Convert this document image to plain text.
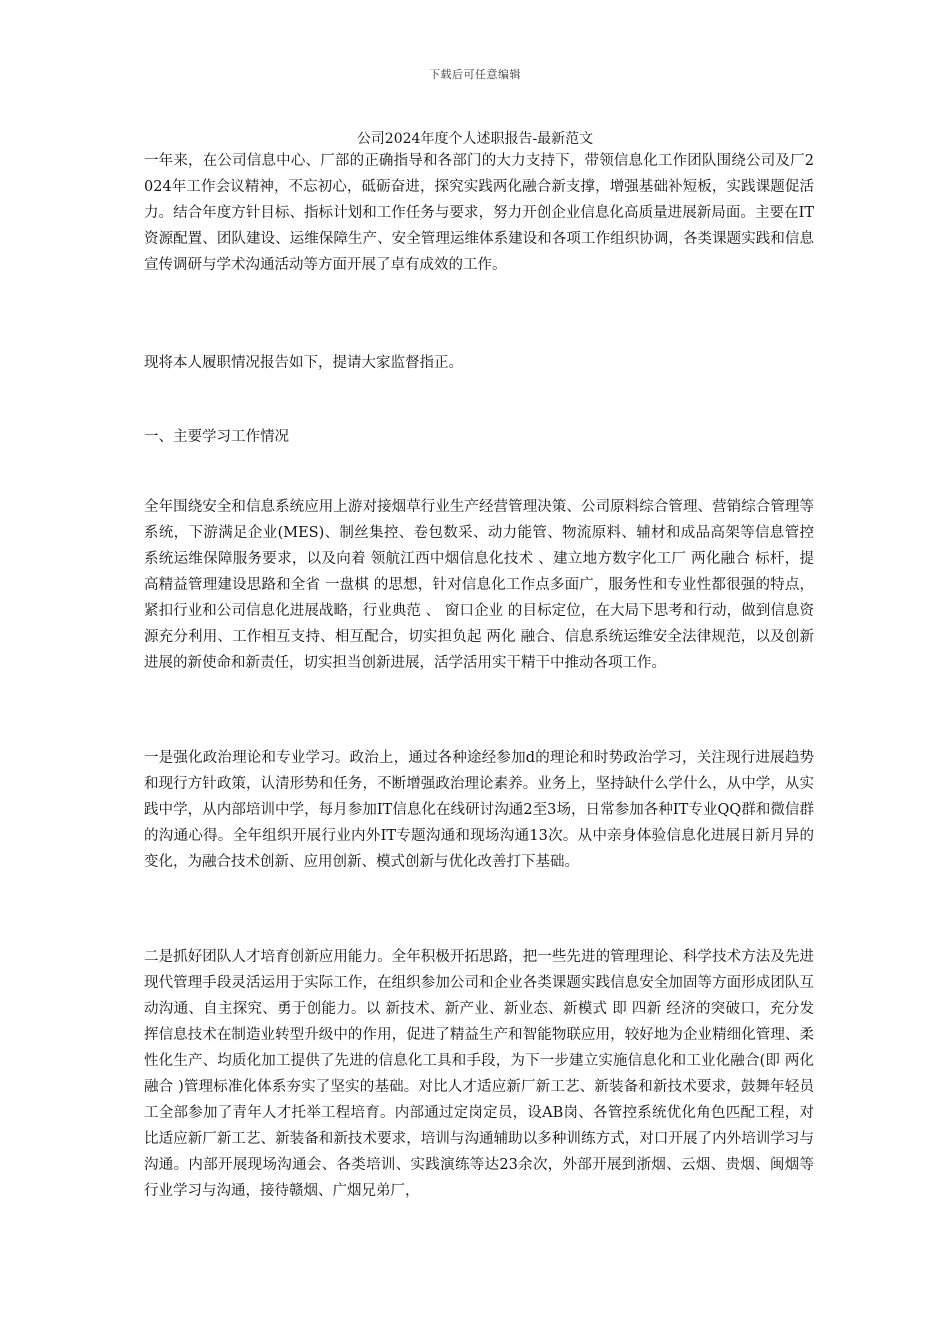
下载后可任意编辑
公司2024年度个人述职报告-最新范文

一年来，在公司信息中心、厂部的正确指导和各部门的大力支持下，带领信息化工作团队围绕公司及厂2024年工作会议精神，不忘初心，砥砺奋进，探究实践两化融合新支撑，增强基础补短板，实践课题促活力。结合年度方针目标、指标计划和工作任务与要求，努力开创企业信息化高质量进展新局面。主要在IT资源配置、团队建设、运维保障生产、安全管理运维体系建设和各项工作组织协调，各类课题实践和信息宣传调研与学术沟通活动等方面开展了卓有成效的工作。

现将本人履职情况报告如下，提请大家监督指正。

一、主要学习工作情况

全年围绕安全和信息系统应用上游对接烟草行业生产经营管理决策、公司原料综合管理、营销综合管理等系统，下游满足企业(MES)、制丝集控、卷包数采、动力能管、物流原料、辅材和成品高架等信息管控系统运维保障服务要求，以及向着 领航江西中烟信息化技术 、建立地方数字化工厂 两化融合 标杆，提高精益管理建设思路和全省 一盘棋 的思想，针对信息化工作点多面广，服务性和专业性都很强的特点，紧扣行业和公司信息化进展战略，行业典范 、 窗口企业 的目标定位，在大局下思考和行动，做到信息资源充分利用、工作相互支持、相互配合，切实担负起 两化 融合、信息系统运维安全法律规范，以及创新进展的新使命和新责任，切实担当创新进展，活学活用实干精干中推动各项工作。

一是强化政治理论和专业学习。政治上，通过各种途经参加d的理论和时势政治学习，关注现行进展趋势和现行方针政策，认清形势和任务，不断增强政治理论素养。业务上，坚持缺什么学什么，从中学，从实践中学，从内部培训中学，每月参加IT信息化在线研讨沟通2至3场，日常参加各种IT专业QQ群和微信群的沟通心得。全年组织开展行业内外IT专题沟通和现场沟通13次。从中亲身体验信息化进展日新月异的变化，为融合技术创新、应用创新、模式创新与优化改善打下基础。

二是抓好团队人才培育创新应用能力。全年积极开拓思路，把一些先进的管理理论、科学技术方法及先进现代管理手段灵活运用于实际工作，在组织参加公司和企业各类课题实践信息安全加固等方面形成团队互动沟通、自主探究、勇于创能力。以 新技术、新产业、新业态、新模式 即 四新 经济的突破口，充分发挥信息技术在制造业转型升级中的作用，促进了精益生产和智能物联应用，较好地为企业精细化管理、柔性化生产、均质化加工提供了先进的信息化工具和手段，为下一步建立实施信息化和工业化融合(即 两化融合 )管理标准化体系夯实了坚实的基础。对比人才适应新厂新工艺、新装备和新技术要求，鼓舞年轻员工全部参加了青年人才托举工程培育。内部通过定岗定员，设AB岗、各管控系统优化角色匹配工程，对比适应新厂新工艺、新装备和新技术要求，培训与沟通辅助以多种训练方式，对口开展了内外培训学习与沟通。内部开展现场沟通会、各类培训、实践演练等达23余次，外部开展到浙烟、云烟、贵烟、闽烟等行业学习与沟通，接待赣烟、广烟兄弟厂，
